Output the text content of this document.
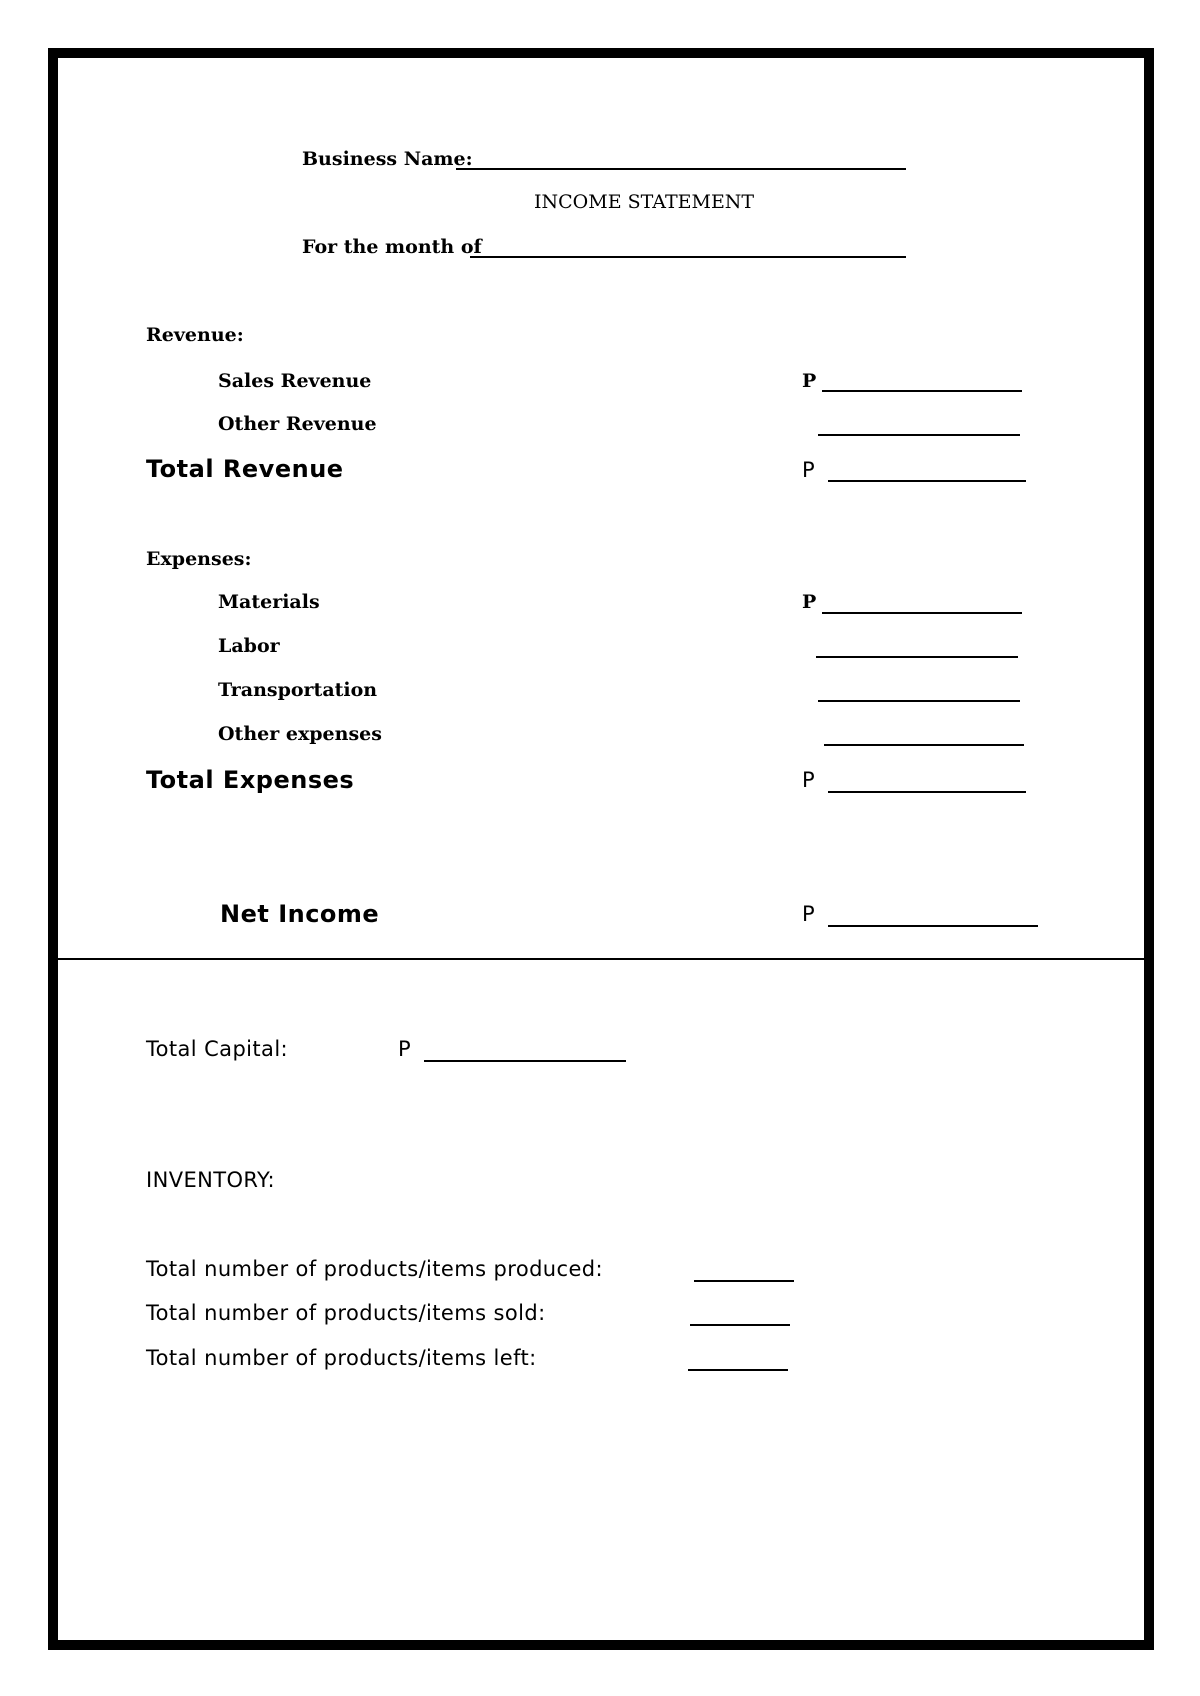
Business Name:
INCOME STATEMENT
For the month of
Revenue:
Sales Revenue	P
Other Revenue
Total Revenue	P
Expenses:
Materials	P
Labor
Transportation
Other expenses
Total Expenses	P
Net Income	P
Total Capital:	P
INVENTORY:
Total number of products/items produced:
Total number of products/items sold:
Total number of products/items left:
